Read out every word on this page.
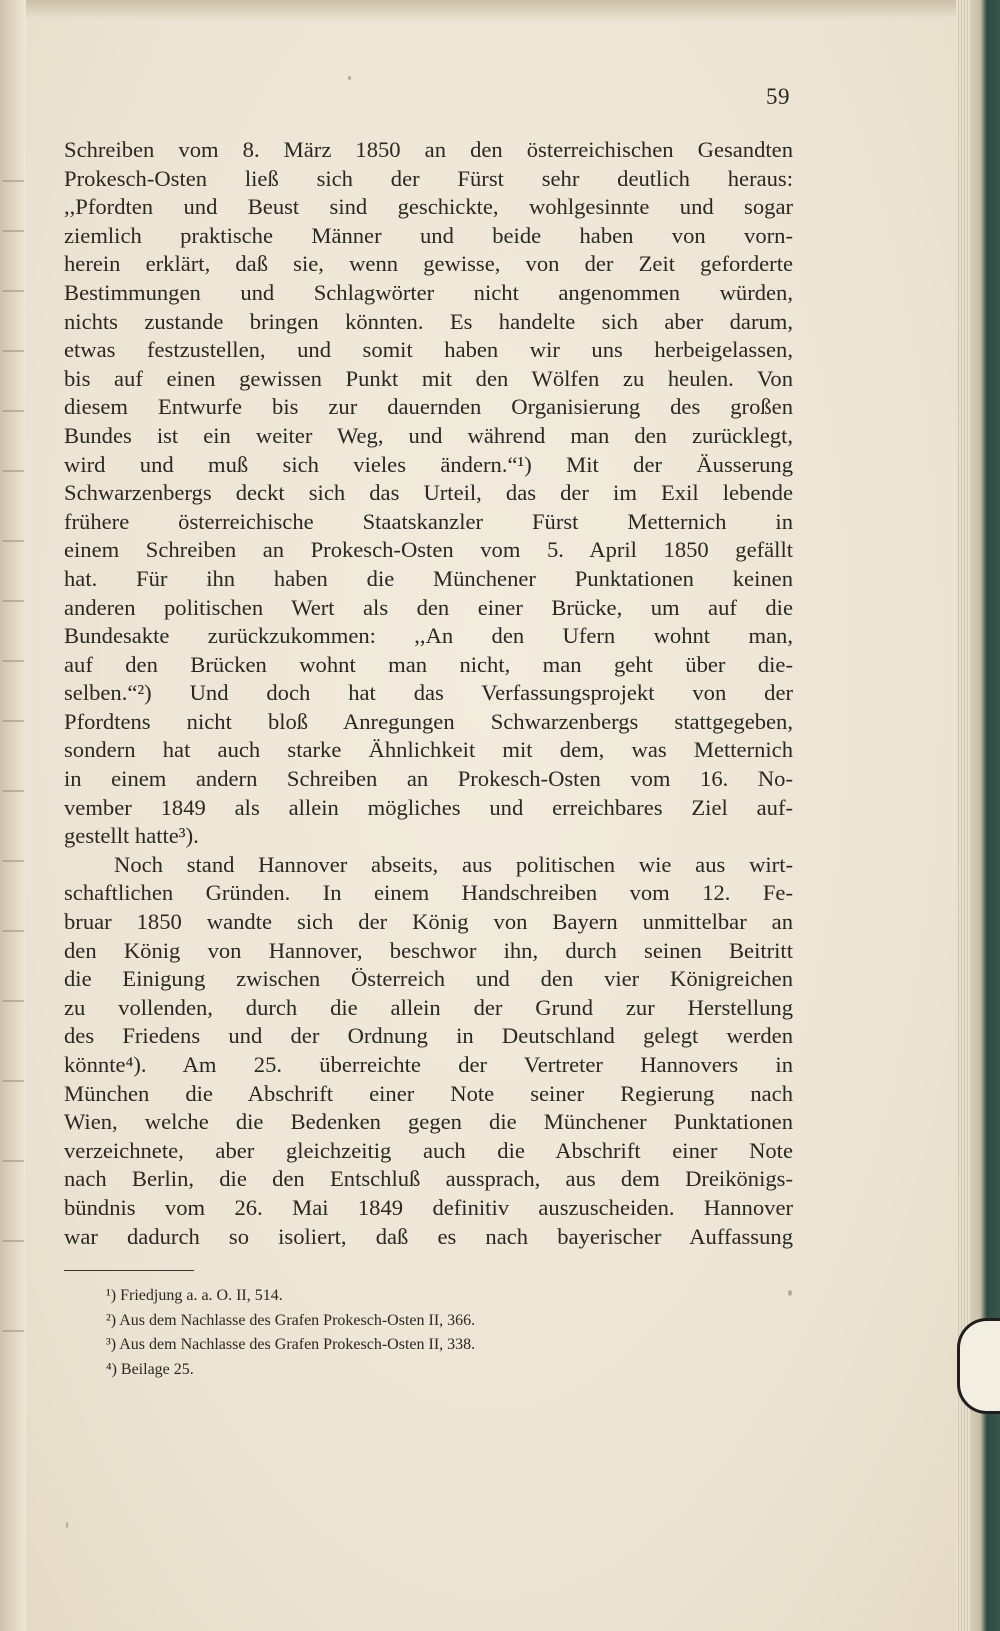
59
Schreiben vom 8. März 1850 an den österreichischen Gesandten
Prokesch-Osten ließ sich der Fürst sehr deutlich heraus:
,,Pfordten und Beust sind geschickte, wohlgesinnte und sogar
ziemlich praktische Männer und beide haben von vorn-
herein erklärt, daß sie, wenn gewisse, von der Zeit geforderte
Bestimmungen und Schlagwörter nicht angenommen würden,
nichts zustande bringen könnten. Es handelte sich aber darum,
etwas festzustellen, und somit haben wir uns herbeigelassen,
bis auf einen gewissen Punkt mit den Wölfen zu heulen. Von
diesem Entwurfe bis zur dauernden Organisierung des großen
Bundes ist ein weiter Weg, und während man den zurücklegt,
wird und muß sich vieles ändern.“¹) Mit der Äusserung
Schwarzenbergs deckt sich das Urteil, das der im Exil lebende
frühere österreichische Staatskanzler Fürst Metternich in
einem Schreiben an Prokesch-Osten vom 5. April 1850 gefällt
hat. Für ihn haben die Münchener Punktationen keinen
anderen politischen Wert als den einer Brücke, um auf die
Bundesakte zurückzukommen: ,,An den Ufern wohnt man,
auf den Brücken wohnt man nicht, man geht über die-
selben.“²) Und doch hat das Verfassungsprojekt von der
Pfordtens nicht bloß Anregungen Schwarzenbergs stattgegeben,
sondern hat auch starke Ähnlichkeit mit dem, was Metternich
in einem andern Schreiben an Prokesch-Osten vom 16. No-
vember 1849 als allein mögliches und erreichbares Ziel auf-
gestellt hatte³).
Noch stand Hannover abseits, aus politischen wie aus wirt-
schaftlichen Gründen. In einem Handschreiben vom 12. Fe-
bruar 1850 wandte sich der König von Bayern unmittelbar an
den König von Hannover, beschwor ihn, durch seinen Beitritt
die Einigung zwischen Österreich und den vier Königreichen
zu vollenden, durch die allein der Grund zur Herstellung
des Friedens und der Ordnung in Deutschland gelegt werden
könnte⁴). Am 25. überreichte der Vertreter Hannovers in
München die Abschrift einer Note seiner Regierung nach
Wien, welche die Bedenken gegen die Münchener Punktationen
verzeichnete, aber gleichzeitig auch die Abschrift einer Note
nach Berlin, die den Entschluß aussprach, aus dem Dreikönigs-
bündnis vom 26. Mai 1849 definitiv auszuscheiden. Hannover
war dadurch so isoliert, daß es nach bayerischer Auffassung
¹) Friedjung a. a. O. II, 514.
²) Aus dem Nachlasse des Grafen Prokesch-Osten II, 366.
³) Aus dem Nachlasse des Grafen Prokesch-Osten II, 338.
⁴) Beilage 25.
